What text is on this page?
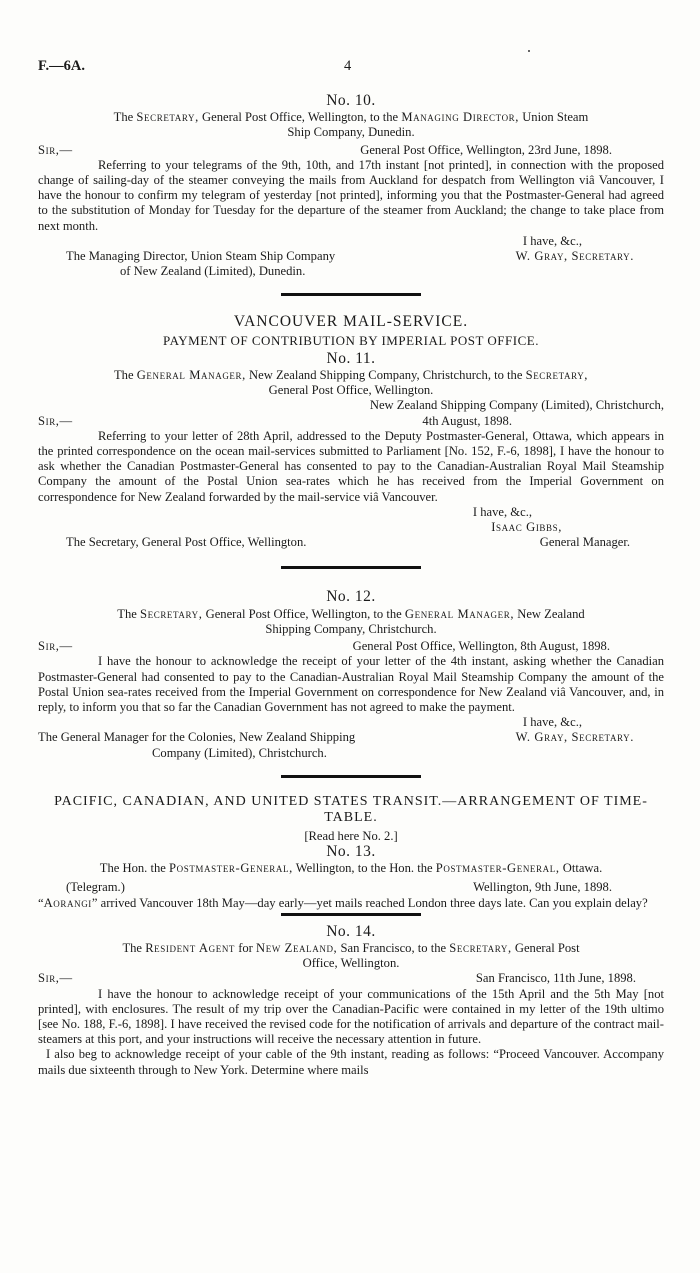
F.—6A.	4
No. 10.
The Secretary, General Post Office, Wellington, to the Managing Director, Union Steam
Ship Company, Dunedin.
Sir,—	General Post Office, Wellington, 23rd June, 1898.
Referring to your telegrams of the 9th, 10th, and 17th instant [not printed], in connection with the proposed change of sailing-day of the steamer conveying the mails from Auckland for despatch from Wellington viâ Vancouver, I have the honour to confirm my telegram of yesterday [not printed], informing you that the Postmaster-General had agreed to the substitution of Monday for Tuesday for the departure of the steamer from Auckland; the change to take place from next month.
I have, &c.,
The Managing Director, Union Steam Ship Company	W. Gray, Secretary.
of New Zealand (Limited), Dunedin.
VANCOUVER MAIL-SERVICE.
PAYMENT OF CONTRIBUTION BY IMPERIAL POST OFFICE.
No. 11.
The General Manager, New Zealand Shipping Company, Christchurch, to the Secretary,
General Post Office, Wellington.
New Zealand Shipping Company (Limited), Christchurch,
Sir,—	4th August, 1898.
Referring to your letter of 28th April, addressed to the Deputy Postmaster-General, Ottawa, which appears in the printed correspondence on the ocean mail-services submitted to Parliament [No. 152, F.-6, 1898], I have the honour to ask whether the Canadian Postmaster-General has consented to pay to the Canadian-Australian Royal Mail Steamship Company the amount of the Postal Union sea-rates which he has received from the Imperial Government on correspondence for New Zealand forwarded by the mail-service viâ Vancouver.
I have, &c.,
Isaac Gibbs,
The Secretary, General Post Office, Wellington.	General Manager.
No. 12.
The Secretary, General Post Office, Wellington, to the General Manager, New Zealand
Shipping Company, Christchurch.
Sir,—	General Post Office, Wellington, 8th August, 1898.
I have the honour to acknowledge the receipt of your letter of the 4th instant, asking whether the Canadian Postmaster-General had consented to pay to the Canadian-Australian Royal Mail Steamship Company the amount of the Postal Union sea-rates received from the Imperial Government on correspondence for New Zealand viâ Vancouver, and, in reply, to inform you that so far the Canadian Government has not agreed to make the payment.
I have, &c.,
The General Manager for the Colonies, New Zealand Shipping	W. Gray, Secretary.
Company (Limited), Christchurch.
PACIFIC, CANADIAN, AND UNITED STATES TRANSIT.—ARRANGEMENT OF TIME-TABLE.
[Read here No. 2.]
No. 13.
The Hon. the Postmaster-General, Wellington, to the Hon. the Postmaster-General, Ottawa.
(Telegram.)	Wellington, 9th June, 1898.
“Aorangi” arrived Vancouver 18th May—day early—yet mails reached London three days late. Can you explain delay?
No. 14.
The Resident Agent for New Zealand, San Francisco, to the Secretary, General Post
Office, Wellington.
Sir,—	San Francisco, 11th June, 1898.
I have the honour to acknowledge receipt of your communications of the 15th April and the 5th May [not printed], with enclosures. The result of my trip over the Canadian-Pacific were contained in my letter of the 19th ultimo [see No. 188, F.-6, 1898]. I have received the revised code for the notification of arrivals and departure of the contract mail-steamers at this port, and your instructions will receive the necessary attention in future.
I also beg to acknowledge receipt of your cable of the 9th instant, reading as follows: “Proceed Vancouver. Accompany mails due sixteenth through to New York. Determine where mails
